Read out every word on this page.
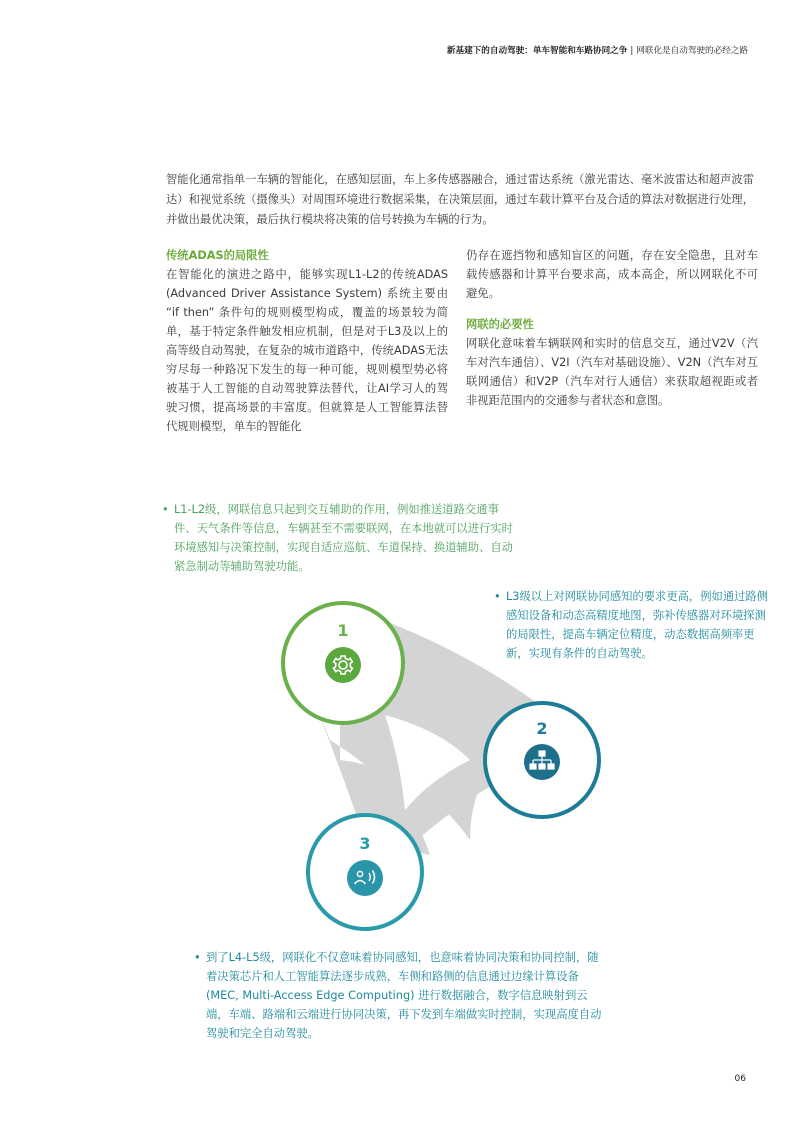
新基建下的自动驾驶：单车智能和车路协同之争 | 网联化是自动驾驶的必经之路
智能化通常指单一车辆的智能化，在感知层面，车上多传感器融合，通过雷达系统（激光雷达、毫米波雷达和超声波雷达）和视觉系统（摄像头）对周围环境进行数据采集，在决策层面，通过车载计算平台及合适的算法对数据进行处理，并做出最优决策，最后执行模块将决策的信号转换为车辆的行为。
传统ADAS的局限性
在智能化的演进之路中，能够实现L1-L2的传统ADAS (Advanced Driver Assistance System) 系统主要由 “if then” 条件句的规则模型构成，覆盖的场景较为简单，基于特定条件触发相应机制，但是对于L3及以上的高等级自动驾驶，在复杂的城市道路中，传统ADAS无法穷尽每一种路况下发生的每一种可能，规则模型势必将被基于人工智能的自动驾驶算法替代，让AI学习人的驾驶习惯，提高场景的丰富度。但就算是人工智能算法替代规则模型，单车的智能化
仍存在遮挡物和感知盲区的问题，存在安全隐患，且对车载传感器和计算平台要求高，成本高企，所以网联化不可避免。
网联的必要性
网联化意味着车辆联网和实时的信息交互，通过V2V（汽车对汽车通信）、V2I（汽车对基础设施）、V2N（汽车对互联网通信）和V2P（汽车对行人通信）来获取超视距或者非视距范围内的交通参与者状态和意图。
1
2
3
• L1-L2级，网联信息只起到交互辅助的作用，例如推送道路交通事件、天气条件等信息，车辆甚至不需要联网，在本地就可以进行实时环境感知与决策控制，实现自适应巡航、车道保持、换道辅助、自动紧急制动等辅助驾驶功能。
• L3级以上对网联协同感知的要求更高，例如通过路侧感知设备和动态高精度地图，弥补传感器对环境探测的局限性，提高车辆定位精度，动态数据高频率更新，实现有条件的自动驾驶。
• 到了L4-L5级，网联化不仅意味着协同感知，也意味着协同决策和协同控制，随着决策芯片和人工智能算法逐步成熟，车侧和路侧的信息通过边缘计算设备 (MEC, Multi-Access Edge Computing) 进行数据融合，数字信息映射到云端，车端、路端和云端进行协同决策，再下发到车端做实时控制，实现高度自动驾驶和完全自动驾驶。
06
